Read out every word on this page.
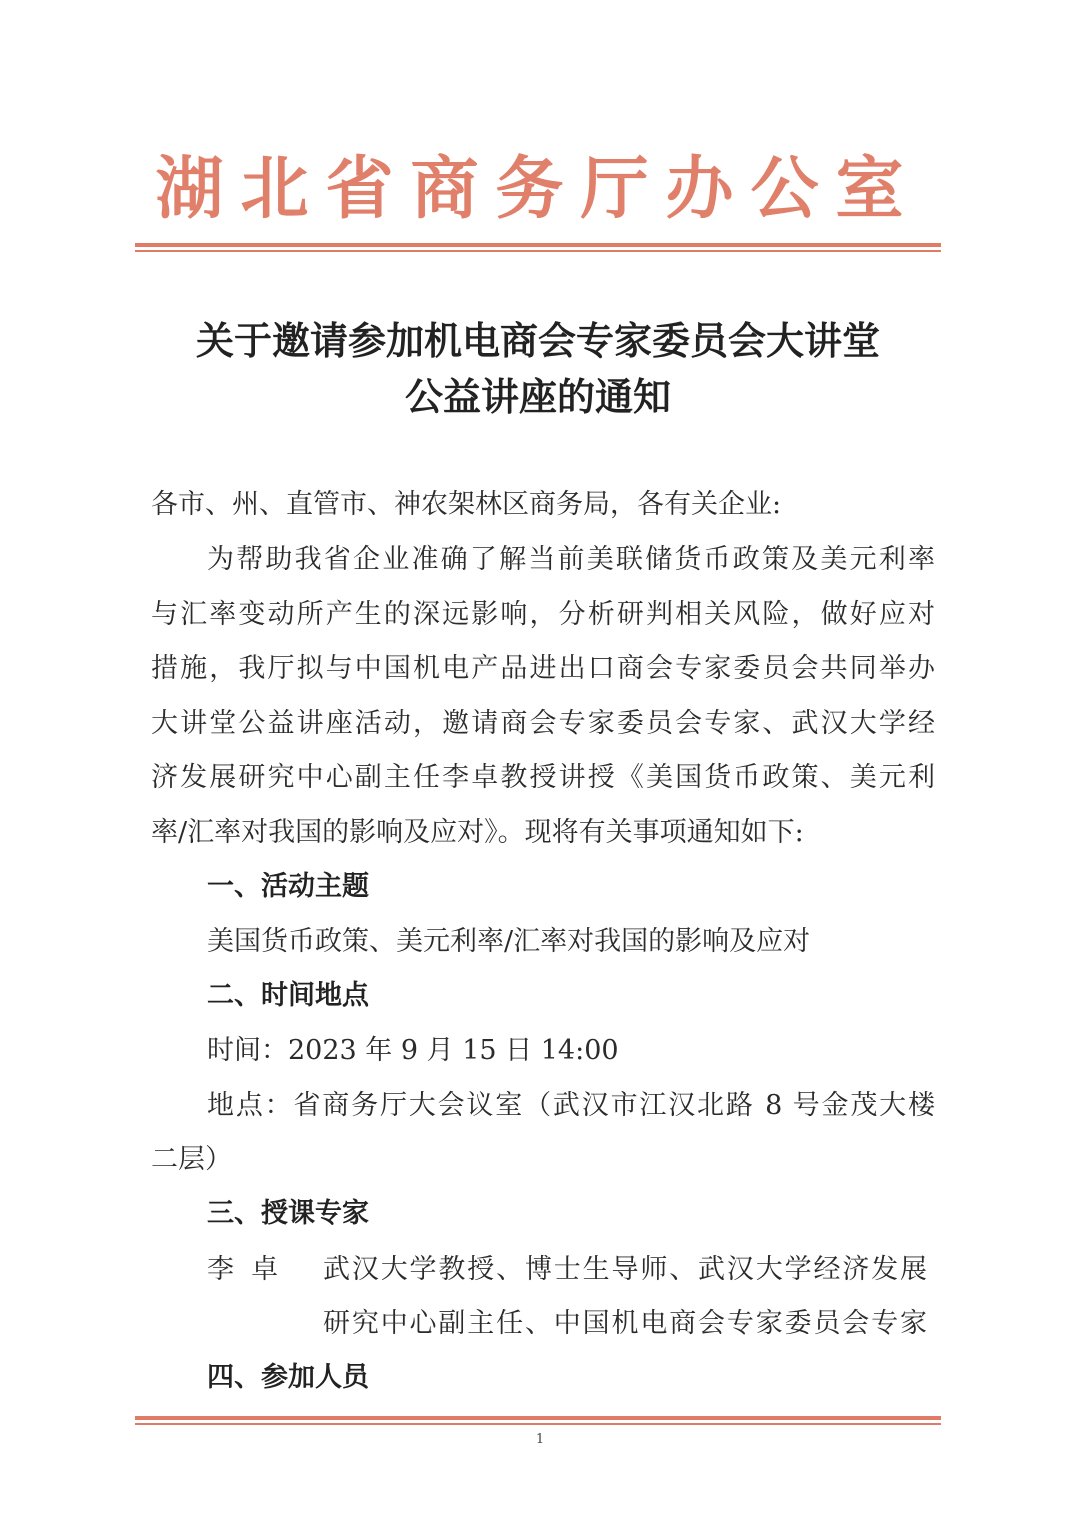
湖北省商务厅办公室
关于邀请参加机电商会专家委员会大讲堂
公益讲座的通知
各市、州、直管市、神农架林区商务局，各有关企业:
为帮助我省企业准确了解当前美联储货币政策及美元利率
与汇率变动所产生的深远影响，分析研判相关风险，做好应对
措施，我厅拟与中国机电产品进出口商会专家委员会共同举办
大讲堂公益讲座活动，邀请商会专家委员会专家、武汉大学经
济发展研究中心副主任李卓教授讲授《美国货币政策、美元利
率/汇率对我国的影响及应对》。现将有关事项通知如下:
一、活动主题
美国货币政策、美元利率/汇率对我国的影响及应对
二、时间地点
时间：2023 年 9 月 15 日 14:00
地点：省商务厅大会议室（武汉市江汉北路 8 号金茂大楼
二层）
三、授课专家
李  卓 武汉大学教授、博士生导师、武汉大学经济发展
研究中心副主任、中国机电商会专家委员会专家
四、参加人员
1
